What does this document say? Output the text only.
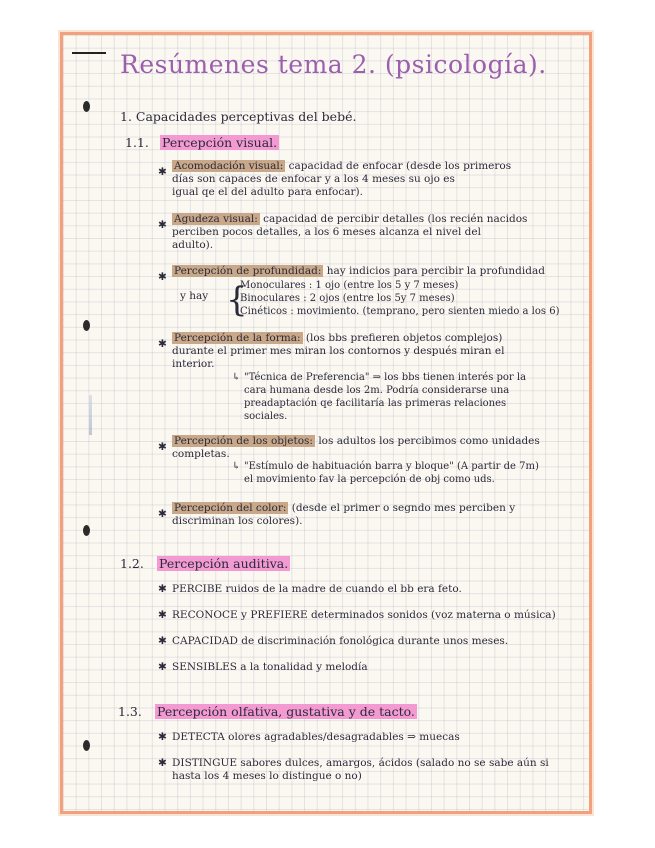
Resúmenes tema 2. (psicología).
1. Capacidades perceptivas del bebé.
1.1. Percepción visual.
✱ Acomodación visual: capacidad de enfocar (desde los primeros
días son capaces de enfocar y a los 4 meses su ojo es
igual qe el del adulto para enfocar).
✱ Agudeza visual: capacidad de percibir detalles (los recién nacidos
perciben pocos detalles, a los 6 meses alcanza el nivel del
adulto).
✱ Percepción de profundidad: hay indicios para percibir la profundidad
y hay {
Monoculares : 1 ojo (entre los 5 y 7 meses)
Binoculares : 2 ojos (entre los 5y 7 meses)
Cinéticos : movimiento. (temprano, pero sienten miedo a los 6)
✱ Percepción de la forma: (los bbs prefieren objetos complejos)
durante el primer mes miran los contornos y después miran el
interior.
↳ "Técnica de Preferencia" ⇒ los bbs tienen interés por la
cara humana desde los 2m. Podría considerarse una
preadaptación qe facilitaría las primeras relaciones
sociales.
✱ Percepción de los objetos: los adultos los percibimos como unidades
completas.
↳ "Estímulo de habituación barra y bloque" (A partir de 7m)
el movimiento fav la percepción de obj como uds.
✱ Percepción del color: (desde el primer o segndo mes perciben y
discriminan los colores).
1.2. Percepción auditiva.
✱ PERCIBE ruidos de la madre de cuando el bb era feto.
✱ RECONOCE y PREFIERE determinados sonidos (voz materna o música)
✱ CAPACIDAD de discriminación fonológica durante unos meses.
✱ SENSIBLES a la tonalidad y melodía
1.3. Percepción olfativa, gustativa y de tacto.
✱ DETECTA olores agradables/desagradables ⇒ muecas
✱ DISTINGUE sabores dulces, amargos, ácidos (salado no se sabe aún si
hasta los 4 meses lo distingue o no)
